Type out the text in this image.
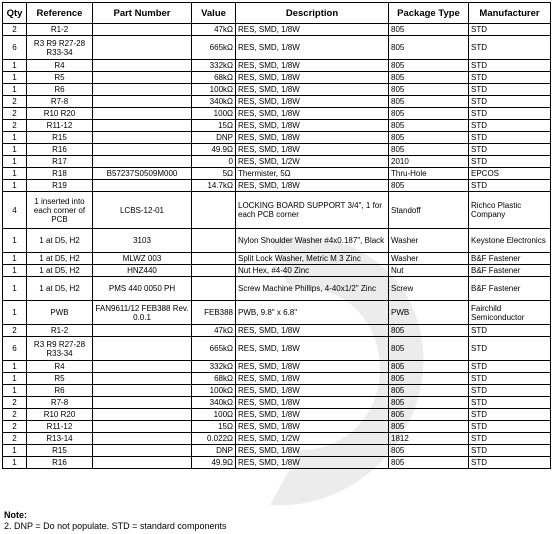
Qty	Reference	Part Number	Value	Description	Package Type	Manufacturer
2	R1-2		47kΩ	RES, SMD, 1/8W	805	STD
6	R3 R9 R27-28 R33-34		665kΩ	RES, SMD, 1/8W	805	STD
1	R4		332kΩ	RES, SMD, 1/8W	805	STD
1	R5		68kΩ	RES, SMD, 1/8W	805	STD
1	R6		100kΩ	RES, SMD, 1/8W	805	STD
2	R7-8		340kΩ	RES, SMD, 1/8W	805	STD
2	R10 R20		100Ω	RES, SMD, 1/8W	805	STD
2	R11-12		15Ω	RES, SMD, 1/8W	805	STD
1	R15		DNP	RES, SMD, 1/8W	805	STD
1	R16		49.9Ω	RES, SMD, 1/8W	805	STD
1	R17		0	RES, SMD, 1/2W	2010	STD
1	R18	B57237S0509M000	5Ω	Thermister, 5Ω	Thru-Hole	EPCOS
1	R19		14.7kΩ	RES, SMD, 1/8W	805	STD
4	1 inserted into each corner of PCB	LCBS-12-01		LOCKING BOARD SUPPORT 3/4", 1 for each PCB corner	Standoff	Richco Plastic Company
1	1 at D5, H2	3103		Nylon Shoulder Washer #4x0.187", Black	Washer	Keystone Electronics
1	1 at D5, H2	MLWZ 003		Split Lock Washer, Metric M 3 Zinc	Washer	B&F Fastener
1	1 at D5, H2	HNZ440		Nut Hex, #4-40 Zinc	Nut	B&F Fastener
1	1 at D5, H2	PMS 440 0050 PH		Screw Machine Phillips, 4-40x1/2" Zinc	Screw	B&F Fastener
1	PWB	FAN9611/12 FEB388 Rev. 0.0.1	FEB388	PWB, 9.8" x 6.8"	PWB	Fairchild Semiconductor
2	R1-2		47kΩ	RES, SMD, 1/8W	805	STD
6	R3 R9 R27-28 R33-34		665kΩ	RES, SMD, 1/8W	805	STD
1	R4		332kΩ	RES, SMD, 1/8W	805	STD
1	R5		68kΩ	RES, SMD, 1/8W	805	STD
1	R6		100kΩ	RES, SMD, 1/8W	805	STD
2	R7-8		340kΩ	RES, SMD, 1/8W	805	STD
2	R10 R20		100Ω	RES, SMD, 1/8W	805	STD
2	R11-12		15Ω	RES, SMD, 1/8W	805	STD
2	R13-14		0.022Ω	RES, SMD, 1/2W	1812	STD
1	R15		DNP	RES, SMD, 1/8W	805	STD
1	R16		49.9Ω	RES, SMD, 1/8W	805	STD
Note:
2. DNP = Do not populate. STD = standard components
